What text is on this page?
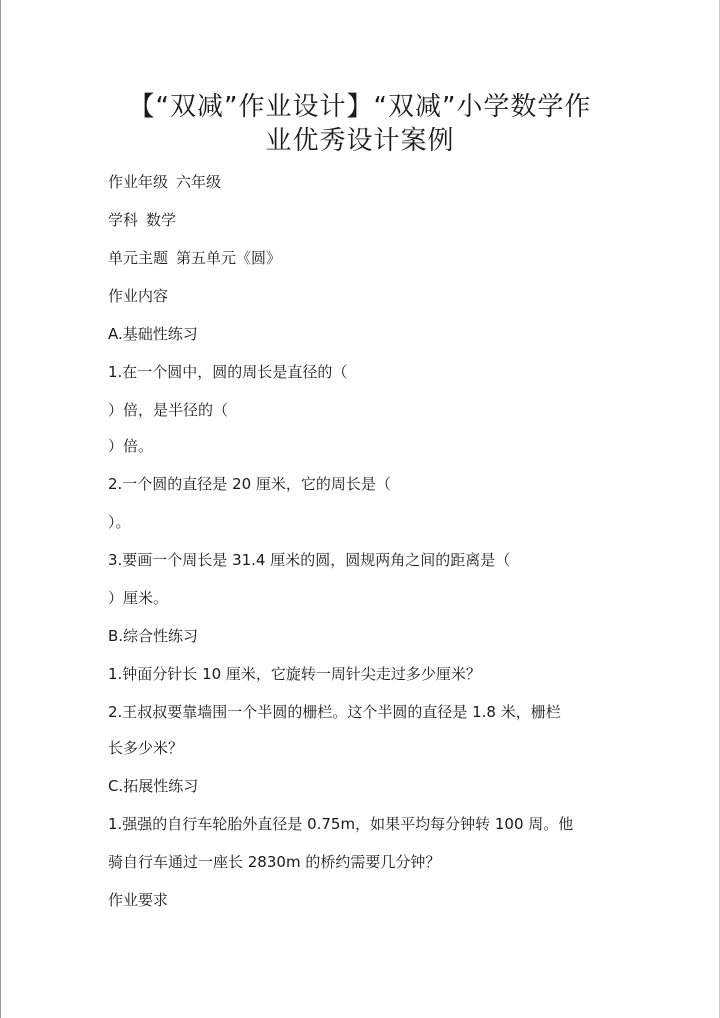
【“双减”作业设计】“双减”小学数学作
业优秀设计案例
作业年级 六年级
学科 数学
单元主题 第五单元《圆》
作业内容
A.基础性练习
1.在一个圆中，圆的周长是直径的（
）倍，是半径的（
）倍。
2.一个圆的直径是 20 厘米，它的周长是（
）。
3.要画一个周长是 31.4 厘米的圆，圆规两角之间的距离是（
）厘米。
B.综合性练习
1.钟面分针长 10 厘米，它旋转一周针尖走过多少厘米？
2.王叔叔要靠墙围一个半圆的栅栏。这个半圆的直径是 1.8 米，栅栏
长多少米？
C.拓展性练习
1.强强的自行车轮胎外直径是 0.75m，如果平均每分钟转 100 周。他
骑自行车通过一座长 2830m 的桥约需要几分钟？
作业要求
